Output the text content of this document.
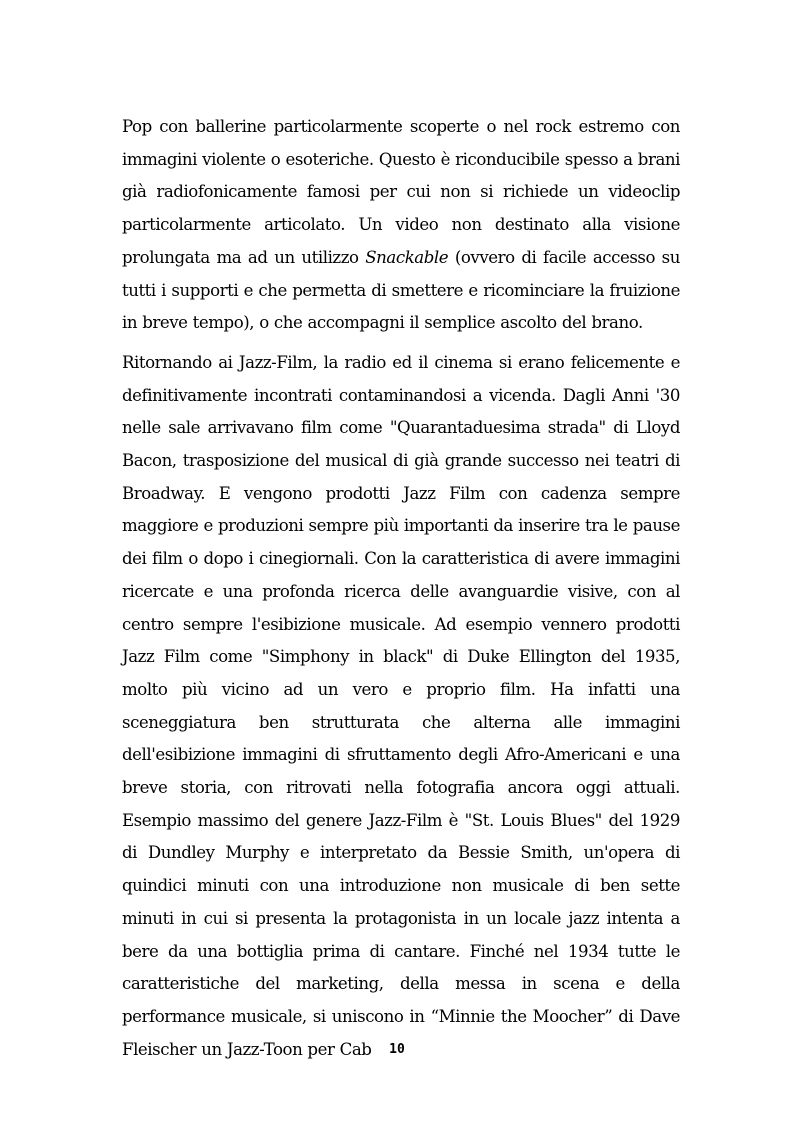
Pop con ballerine particolarmente scoperte o nel rock estremo con immagini violente o esoteriche. Questo è riconducibile spesso a brani già radiofonicamente famosi per cui non si richiede un videoclip particolarmente articolato. Un video non destinato alla visione prolungata ma ad un utilizzo Snackable (ovvero di facile accesso su tutti i supporti e che permetta di smettere e ricominciare la fruizione in breve tempo), o che accompagni il semplice ascolto del brano.

Ritornando ai Jazz-Film, la radio ed il cinema si erano felicemente e definitivamente incontrati contaminandosi a vicenda. Dagli Anni '30 nelle sale arrivavano film come "Quarantaduesima strada" di Lloyd Bacon, trasposizione del musical di già grande successo nei teatri di Broadway. E vengono prodotti Jazz Film con cadenza sempre maggiore e produzioni sempre più importanti da inserire tra le pause dei film o dopo i cinegiornali. Con la caratteristica di avere immagini ricercate e una profonda ricerca delle avanguardie visive, con al centro sempre l'esibizione musicale. Ad esempio vennero prodotti Jazz Film come "Simphony in black" di Duke Ellington del 1935, molto più vicino ad un vero e proprio film. Ha infatti una sceneggiatura ben strutturata che alterna alle immagini dell'esibizione immagini di sfruttamento degli Afro-Americani e una breve storia, con ritrovati nella fotografia ancora oggi attuali. Esempio massimo del genere Jazz-Film è "St. Louis Blues" del 1929 di Dundley Murphy e interpretato da Bessie Smith, un'opera di quindici minuti con una introduzione non musicale di ben sette minuti in cui si presenta la protagonista in un locale jazz intenta a bere da una bottiglia prima di cantare. Finché nel 1934 tutte le caratteristiche del marketing, della messa in scena e della performance musicale, si uniscono in “Minnie the Moocher” di Dave Fleischer un Jazz-Toon per Cab	10
